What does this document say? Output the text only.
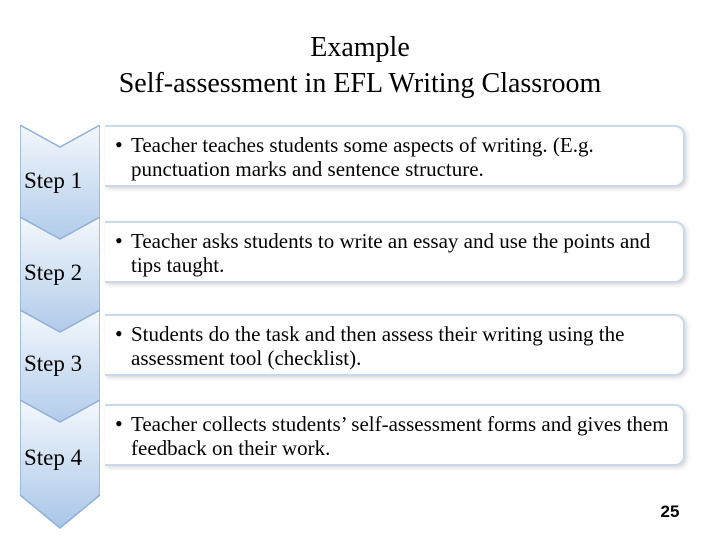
Example
Self-assessment in EFL Writing Classroom
Step 1
• Teacher teaches students some aspects of writing. (E.g. punctuation marks and sentence structure.
Step 2
• Teacher asks students to write an essay and use the points and tips taught.
Step 3
• Students do the task and then assess their writing using the assessment tool (checklist).
Step 4
• Teacher collects students’ self-assessment forms and gives them feedback on their work.
25
